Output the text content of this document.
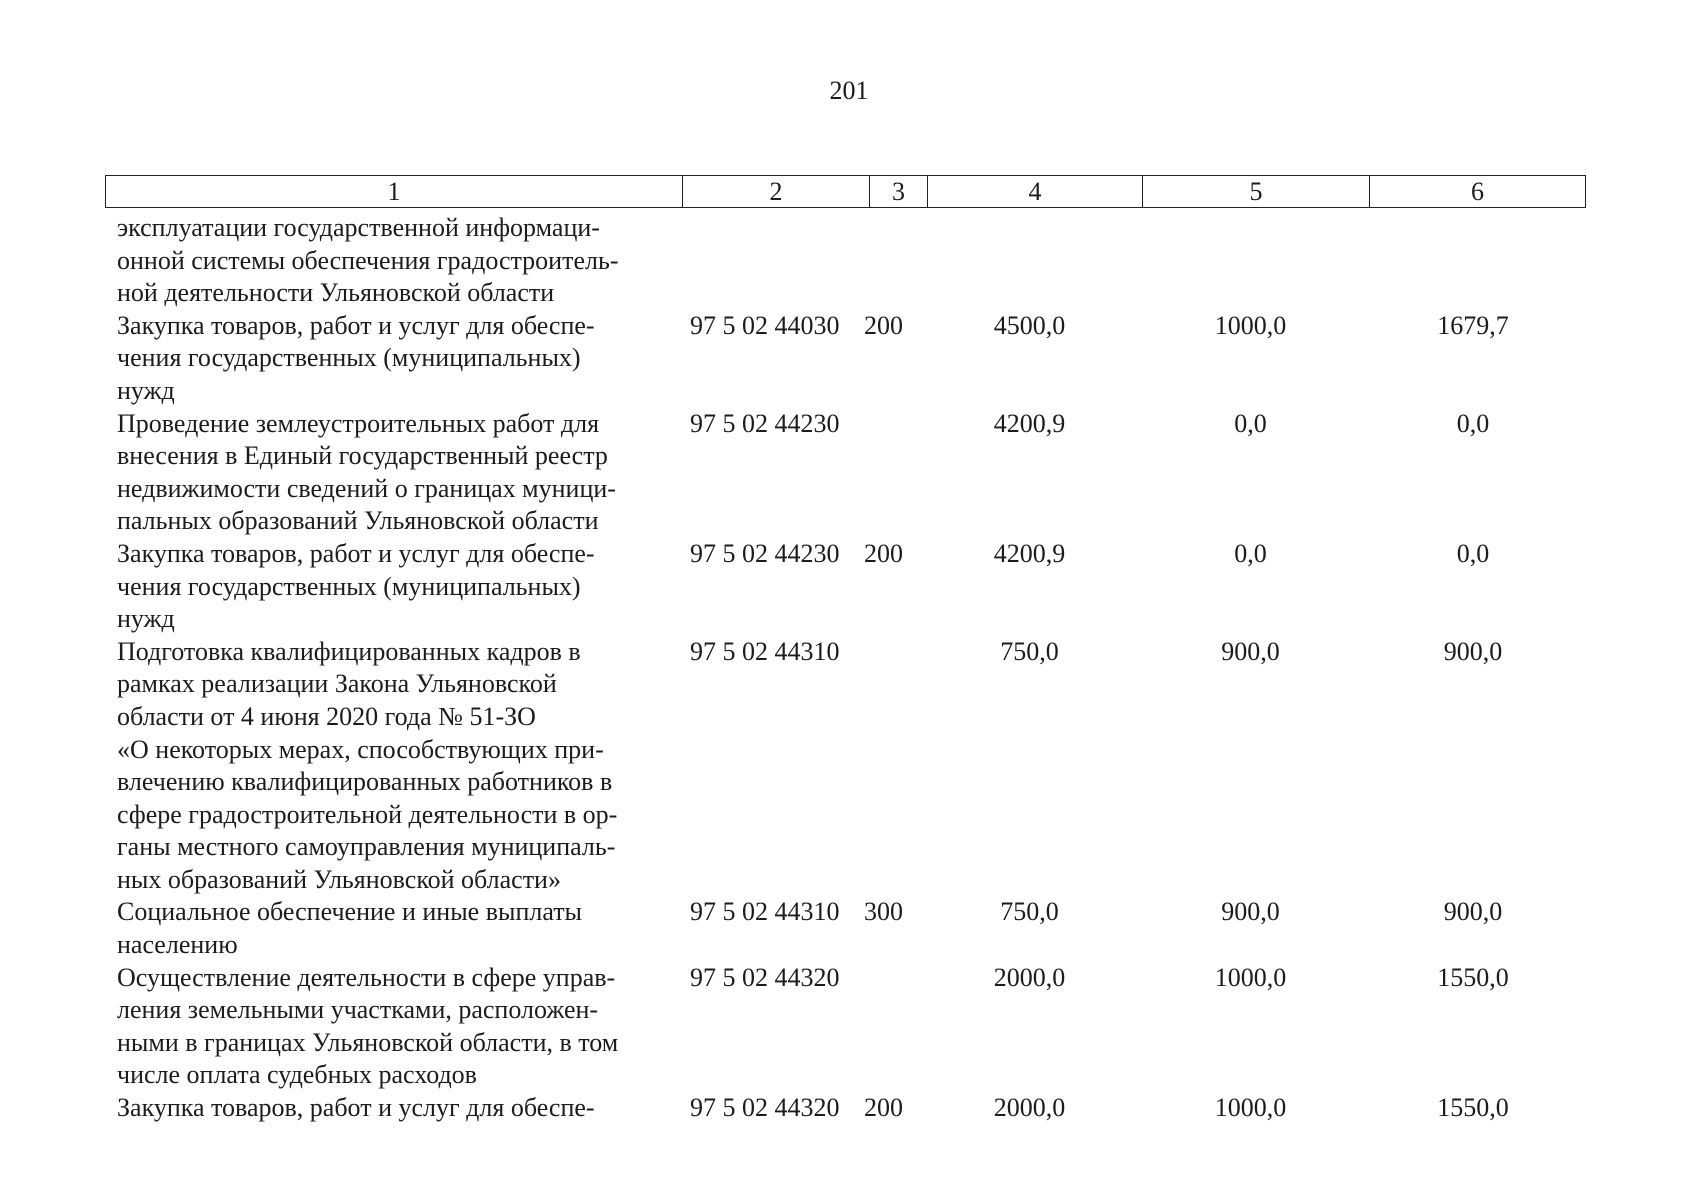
201
1	2	3	4	5	6
эксплуатации государственной информаци-
онной системы обеспечения градостроитель-
ной деятельности Ульяновской области
Закупка товаров, работ и услуг для обеспе-
чения государственных (муниципальных)
нужд
97 5 02 44030 200	4500,0	1000,0	1679,7
Проведение землеустроительных работ для
внесения в Единый государственный реестр
недвижимости сведений о границах муници-
пальных образований Ульяновской области
97 5 02 44230	4200,9	0,0	0,0
Закупка товаров, работ и услуг для обеспе-
чения государственных (муниципальных)
нужд
97 5 02 44230 200	4200,9	0,0	0,0
Подготовка квалифицированных кадров в
рамках реализации Закона Ульяновской
области от 4 июня 2020 года № 51-ЗО
«О некоторых мерах, способствующих при-
влечению квалифицированных работников в
сфере градостроительной деятельности в ор-
ганы местного самоуправления муниципаль-
ных образований Ульяновской области»
97 5 02 44310	750,0	900,0	900,0
Социальное обеспечение и иные выплаты
населению
97 5 02 44310 300	750,0	900,0	900,0
Осуществление деятельности в сфере управ-
ления земельными участками, расположен-
ными в границах Ульяновской области, в том
числе оплата судебных расходов
97 5 02 44320	2000,0	1000,0	1550,0
Закупка товаров, работ и услуг для обеспе-	97 5 02 44320 200	2000,0	1000,0	1550,0
